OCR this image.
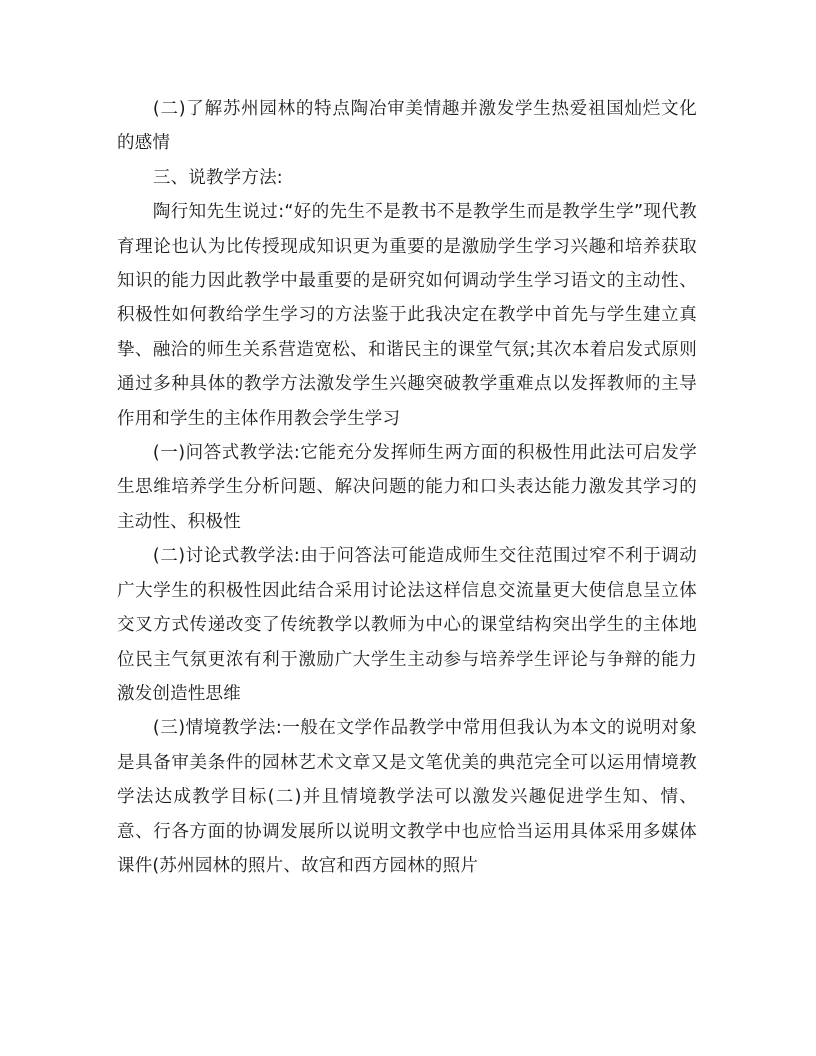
(二)了解苏州园林的特点陶冶审美情趣并激发学生热爱祖国灿烂文化的感情

三、说教学方法:

陶行知先生说过:“好的先生不是教书不是教学生而是教学生学”现代教育理论也认为比传授现成知识更为重要的是激励学生学习兴趣和培养获取知识的能力因此教学中最重要的是研究如何调动学生学习语文的主动性、积极性如何教给学生学习的方法鉴于此我决定在教学中首先与学生建立真挚、融洽的师生关系营造宽松、和谐民主的课堂气氛;其次本着启发式原则通过多种具体的教学方法激发学生兴趣突破教学重难点以发挥教师的主导作用和学生的主体作用教会学生学习

(一)问答式教学法:它能充分发挥师生两方面的积极性用此法可启发学生思维培养学生分析问题、解决问题的能力和口头表达能力激发其学习的主动性、积极性

(二)讨论式教学法:由于问答法可能造成师生交往范围过窄不利于调动广大学生的积极性因此结合采用讨论法这样信息交流量更大使信息呈立体交叉方式传递改变了传统教学以教师为中心的课堂结构突出学生的主体地位民主气氛更浓有利于激励广大学生主动参与培养学生评论与争辩的能力激发创造性思维

(三)情境教学法:一般在文学作品教学中常用但我认为本文的说明对象是具备审美条件的园林艺术文章又是文笔优美的典范完全可以运用情境教学法达成教学目标(二)并且情境教学法可以激发兴趣促进学生知、情、意、行各方面的协调发展所以说明文教学中也应恰当运用具体采用多媒体课件(苏州园林的照片、故宫和西方园林的照片
